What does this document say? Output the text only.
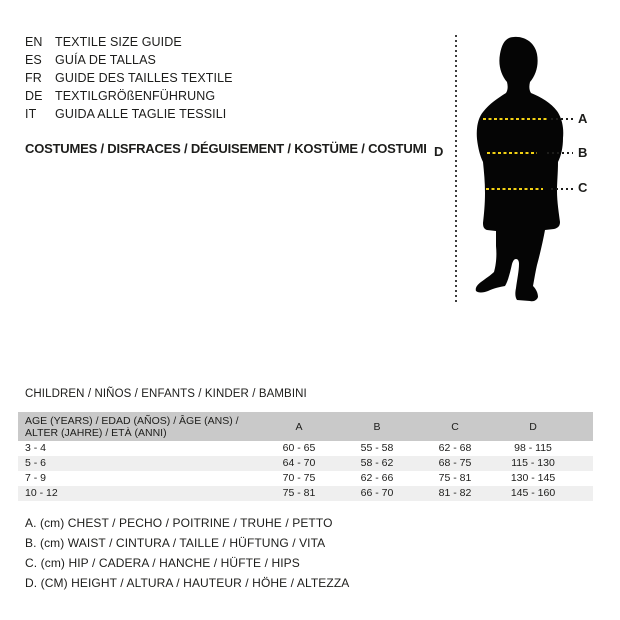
EN TEXTILE SIZE GUIDE
ES GUÍA DE TALLAS
FR GUIDE DES TAILLES TEXTILE
DE TEXTILGRÖßENFÜHRUNG
IT GUIDA ALLE TAGLIE TESSILI
COSTUMES / DISFRACES / DÉGUISEMENT / KOSTÜME / COSTUMI D
A
B
C
CHILDREN / NIÑOS / ENFANTS / KINDER / BAMBINI
AGE (YEARS) / EDAD (AÑOS) / ÂGE (ANS) /
ALTER (JAHRE) / ETÀ (ANNI)	A	B	C	D	
3 - 4	60 - 65	55 - 58	62 - 68	98 - 115	
5 - 6	64 - 70	58 - 62	68 - 75	115 - 130	
7 - 9	70 - 75	62 - 66	75 - 81	130 - 145	
10 - 12	75 - 81	66 - 70	81 - 82	145 - 160	
A. (cm) CHEST / PECHO / POITRINE / TRUHE / PETTO
B. (cm) WAIST / CINTURA / TAILLE / HÜFTUNG / VITA
C. (cm) HIP / CADERA / HANCHE / HÜFTE / HIPS
D. (CM) HEIGHT / ALTURA / HAUTEUR / HÖHE / ALTEZZA
